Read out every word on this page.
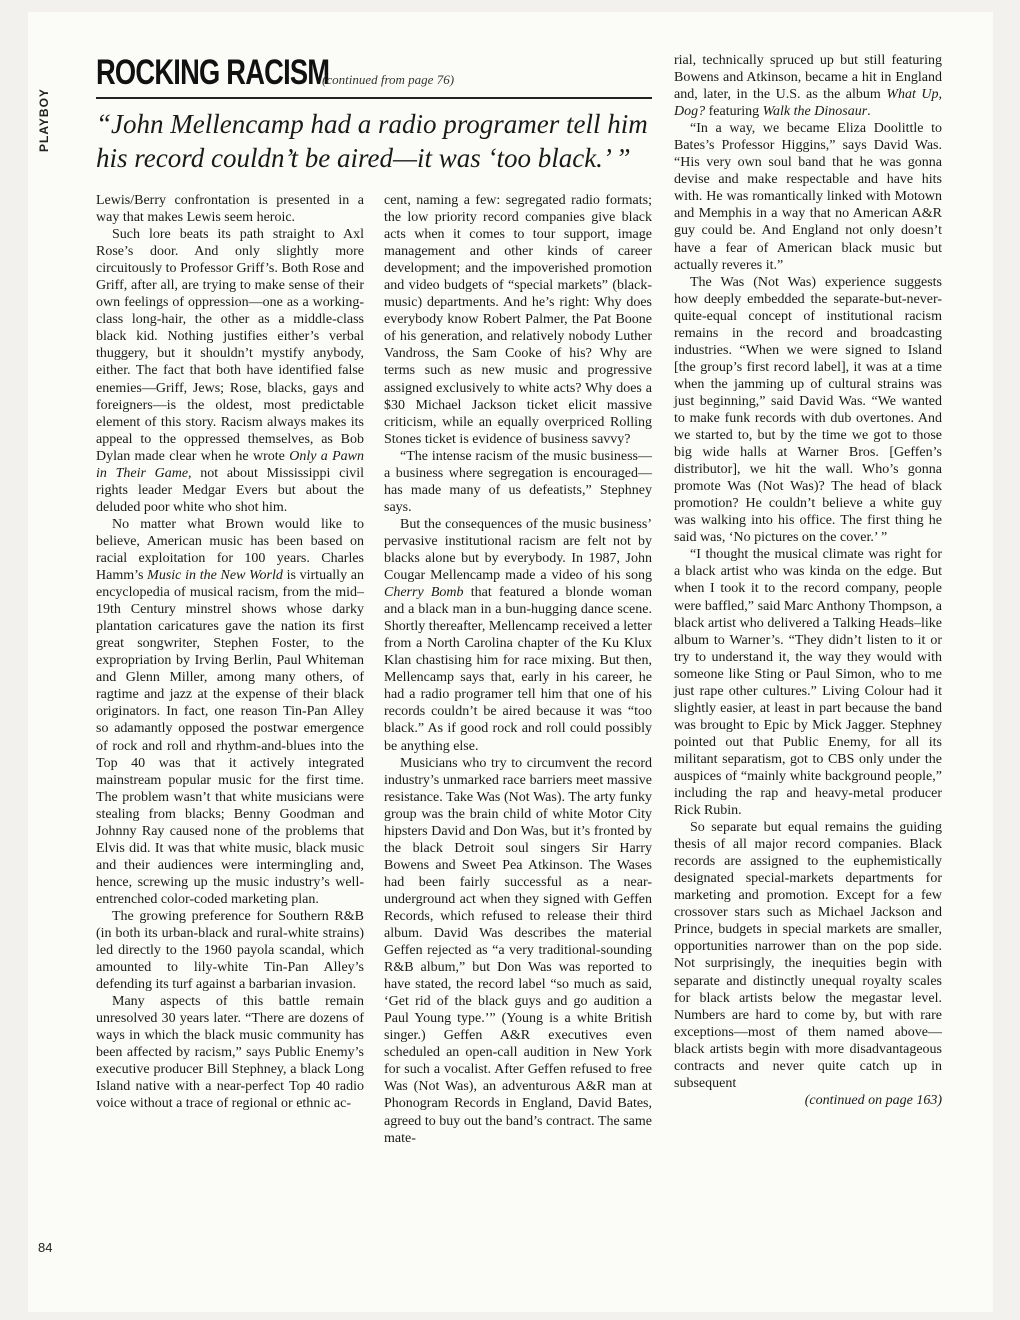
PLAYBOY
84
ROCKING RACISM
(continued from page 76)
“John Mellencamp had a radio programer tell him his record couldn’t be aired—it was ‘too black.’ ”

Lewis/Berry confrontation is presented in a way that makes Lewis seem heroic.

Such lore beats its path straight to Axl Rose’s door. And only slightly more circuitously to Professor Griff’s. Both Rose and Griff, after all, are trying to make sense of their own feelings of oppression—one as a working-class long-hair, the other as a middle-class black kid. Nothing justifies either’s verbal thuggery, but it shouldn’t mystify anybody, either. The fact that both have identified false enemies—Griff, Jews; Rose, blacks, gays and foreigners—is the oldest, most predictable element of this story. Racism always makes its appeal to the oppressed themselves, as Bob Dylan made clear when he wrote Only a Pawn in Their Game, not about Mississippi civil rights leader Medgar Evers but about the deluded poor white who shot him.

No matter what Brown would like to believe, American music has been based on racial exploitation for 100 years. Charles Hamm’s Music in the New World is virtually an encyclopedia of musical racism, from the mid–19th Century minstrel shows whose darky plantation caricatures gave the nation its first great songwriter, Stephen Foster, to the expropriation by Irving Berlin, Paul Whiteman and Glenn Miller, among many others, of ragtime and jazz at the expense of their black originators. In fact, one reason Tin-Pan Alley so adamantly opposed the postwar emergence of rock and roll and rhythm-and-blues into the Top 40 was that it actively integrated mainstream popular music for the first time. The problem wasn’t that white musicians were stealing from blacks; Benny Goodman and Johnny Ray caused none of the problems that Elvis did. It was that white music, black music and their audiences were intermingling and, hence, screwing up the music industry’s well-entrenched color-coded marketing plan.

The growing preference for Southern R&B (in both its urban-black and rural-white strains) led directly to the 1960 payola scandal, which amounted to lily-white Tin-Pan Alley’s defending its turf against a barbarian invasion.

Many aspects of this battle remain unresolved 30 years later. “There are dozens of ways in which the black music community has been affected by racism,” says Public Enemy’s executive producer Bill Stephney, a black Long Island native with a near-perfect Top 40 radio voice without a trace of regional or ethnic ac-

cent, naming a few: segregated radio formats; the low priority record companies give black acts when it comes to tour support, image management and other kinds of career development; and the impoverished promotion and video budgets of “special markets” (black-music) departments. And he’s right: Why does everybody know Robert Palmer, the Pat Boone of his generation, and relatively nobody Luther Vandross, the Sam Cooke of his? Why are terms such as new music and progressive assigned exclusively to white acts? Why does a $30 Michael Jackson ticket elicit massive criticism, while an equally overpriced Rolling Stones ticket is evidence of business savvy?

“The intense racism of the music business—a business where segregation is encouraged—has made many of us defeatists,” Stephney says.

But the consequences of the music business’ pervasive institutional racism are felt not by blacks alone but by everybody. In 1987, John Cougar Mellencamp made a video of his song Cherry Bomb that featured a blonde woman and a black man in a bun-hugging dance scene. Shortly thereafter, Mellencamp received a letter from a North Carolina chapter of the Ku Klux Klan chastising him for race mixing. But then, Mellencamp says that, early in his career, he had a radio programer tell him that one of his records couldn’t be aired because it was “too black.” As if good rock and roll could possibly be anything else.

Musicians who try to circumvent the record industry’s unmarked race barriers meet massive resistance. Take Was (Not Was). The arty funky group was the brain child of white Motor City hipsters David and Don Was, but it’s fronted by the black Detroit soul singers Sir Harry Bowens and Sweet Pea Atkinson. The Wases had been fairly successful as a near-underground act when they signed with Geffen Records, which refused to release their third album. David Was describes the material Geffen rejected as “a very traditional-sounding R&B album,” but Don Was was reported to have stated, the record label “so much as said, ‘Get rid of the black guys and go audition a Paul Young type.’” (Young is a white British singer.) Geffen A&R executives even scheduled an open-call audition in New York for such a vocalist. After Geffen refused to free Was (Not Was), an adventurous A&R man at Phonogram Records in England, David Bates, agreed to buy out the band’s contract. The same mate-

rial, technically spruced up but still featuring Bowens and Atkinson, became a hit in England and, later, in the U.S. as the album What Up, Dog? featuring Walk the Dinosaur.

“In a way, we became Eliza Doolittle to Bates’s Professor Higgins,” says David Was. “His very own soul band that he was gonna devise and make respectable and have hits with. He was romantically linked with Motown and Memphis in a way that no American A&R guy could be. And England not only doesn’t have a fear of American black music but actually reveres it.”

The Was (Not Was) experience suggests how deeply embedded the separate-but-never-quite-equal concept of institutional racism remains in the record and broadcasting industries. “When we were signed to Island [the group’s first record label], it was at a time when the jamming up of cultural strains was just beginning,” said David Was. “We wanted to make funk records with dub overtones. And we started to, but by the time we got to those big wide halls at Warner Bros. [Geffen’s distributor], we hit the wall. Who’s gonna promote Was (Not Was)? The head of black promotion? He couldn’t believe a white guy was walking into his office. The first thing he said was, ‘No pictures on the cover.’ ”

“I thought the musical climate was right for a black artist who was kinda on the edge. But when I took it to the record company, people were baffled,” said Marc Anthony Thompson, a black artist who delivered a Talking Heads–like album to Warner’s. “They didn’t listen to it or try to understand it, the way they would with someone like Sting or Paul Simon, who to me just rape other cultures.” Living Colour had it slightly easier, at least in part because the band was brought to Epic by Mick Jagger. Stephney pointed out that Public Enemy, for all its militant separatism, got to CBS only under the auspices of “mainly white background people,” including the rap and heavy-metal producer Rick Rubin.

So separate but equal remains the guiding thesis of all major record companies. Black records are assigned to the euphemistically designated special-markets departments for marketing and promotion. Except for a few crossover stars such as Michael Jackson and Prince, budgets in special markets are smaller, opportunities narrower than on the pop side. Not surprisingly, the inequities begin with separate and distinctly unequal royalty scales for black artists below the megastar level. Numbers are hard to come by, but with rare exceptions—most of them named above—black artists begin with more disadvantageous contracts and never quite catch up in subsequent

(continued on page 163)
